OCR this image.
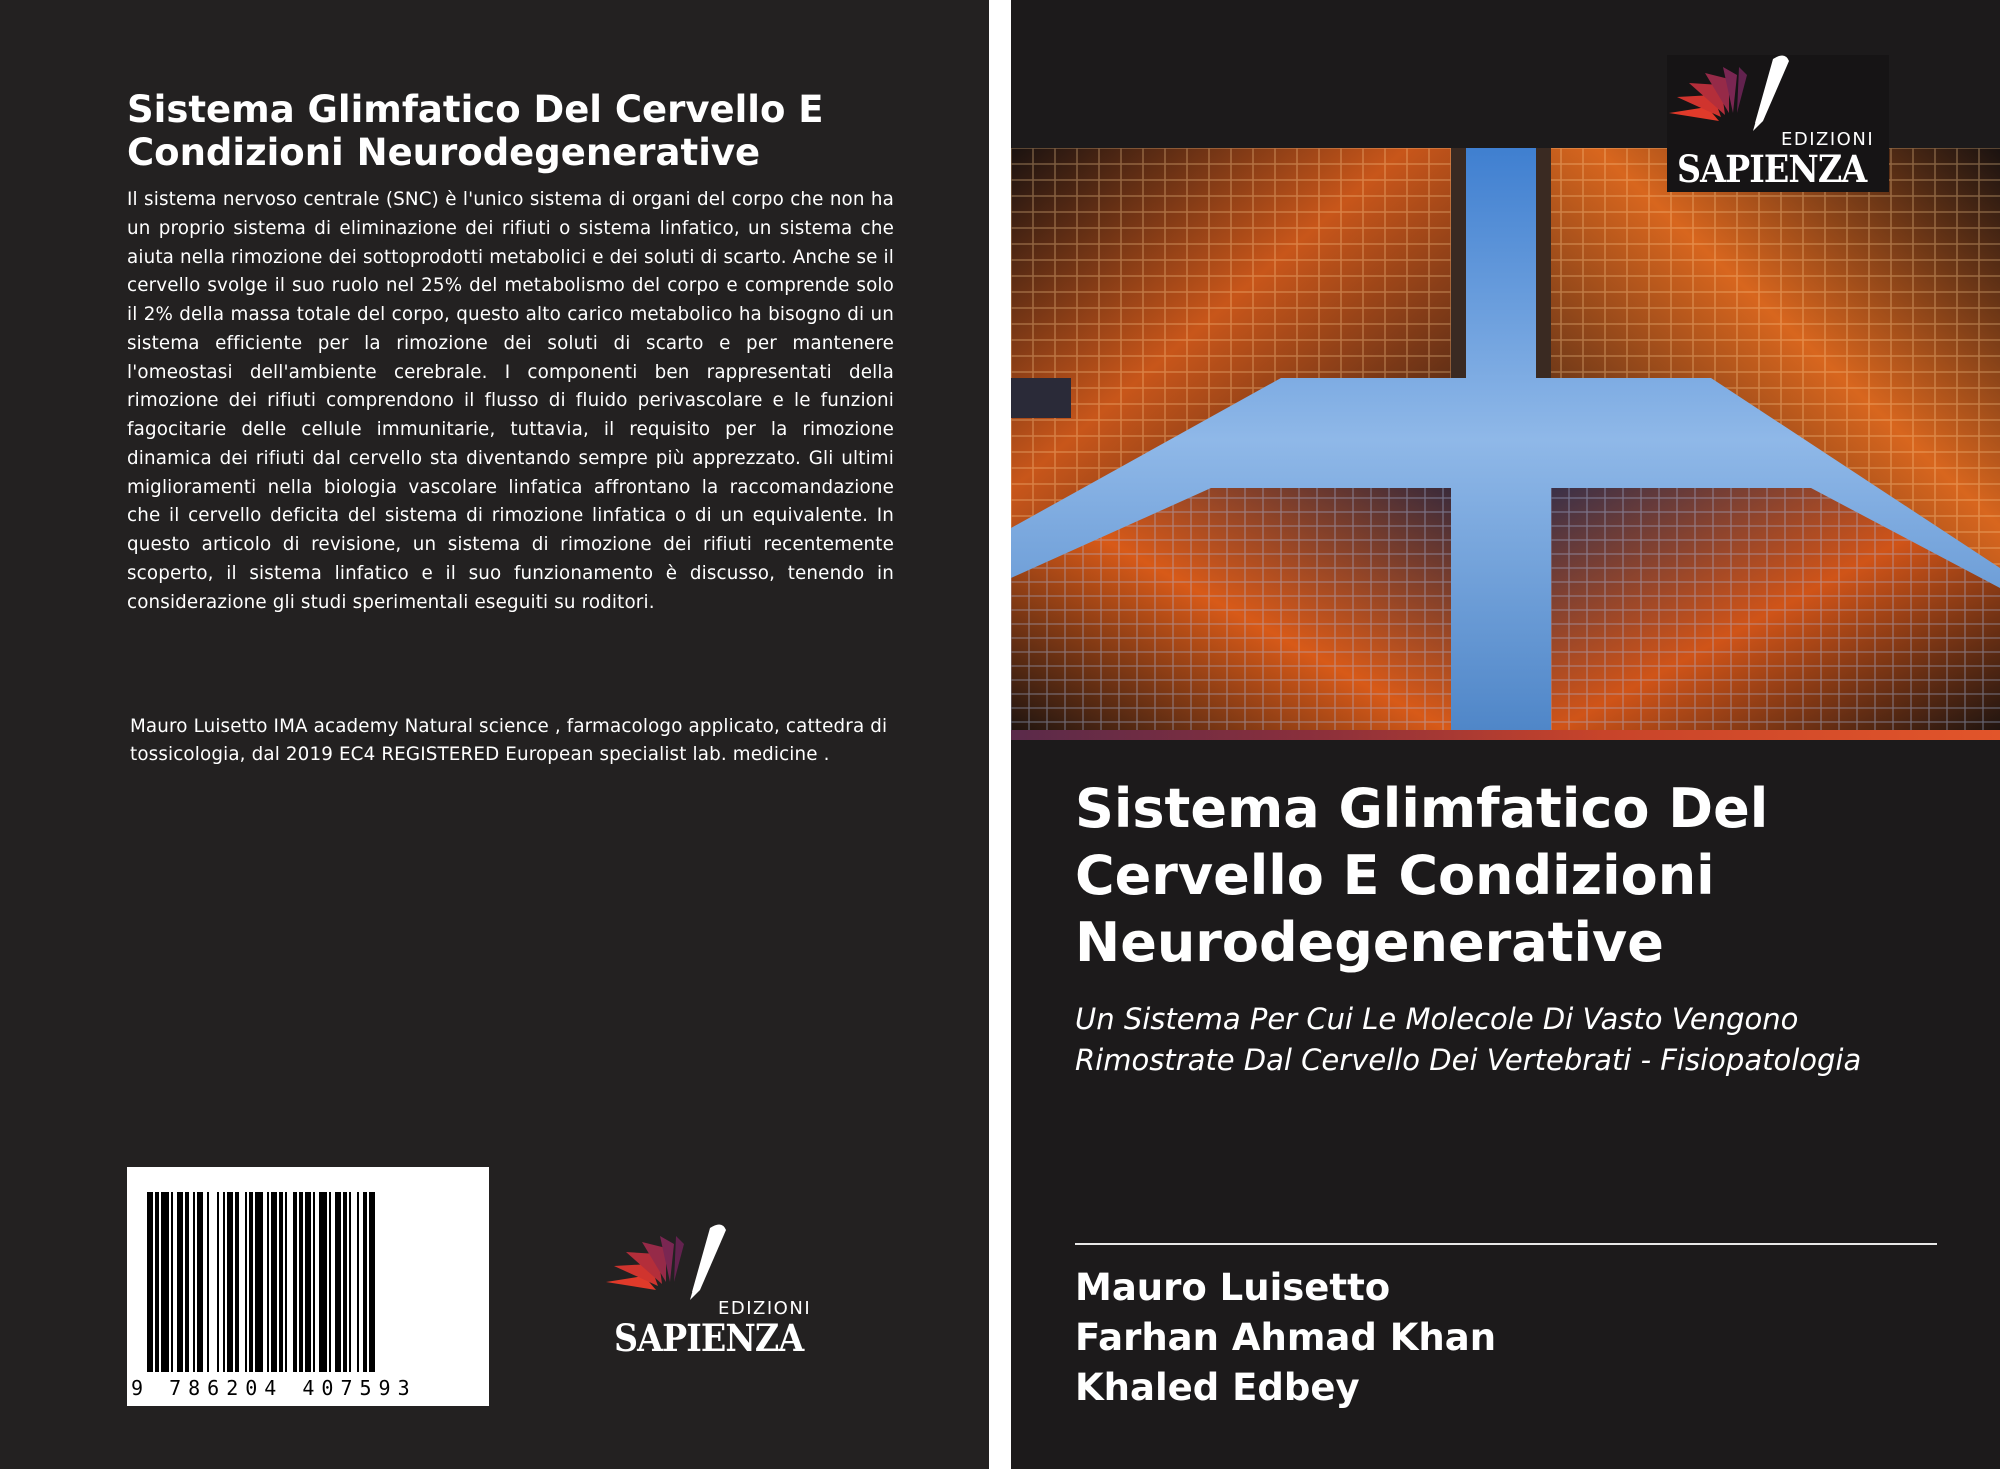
Sistema Glimfatico Del Cervello E Condizioni Neurodegenerative
Il sistema nervoso centrale (SNC) è l'unico sistema di organi del corpo che non ha un proprio sistema di eliminazione dei rifiuti o sistema linfatico, un sistema che aiuta nella rimozione dei sottoprodotti metabolici e dei soluti di scarto. Anche se il cervello svolge il suo ruolo nel 25% del metabolismo del corpo e comprende solo il 2% della massa totale del corpo, questo alto carico metabolico ha bisogno di un sistema efficiente per la rimozione dei soluti di scarto e per mantenere l'omeostasi dell'ambiente cerebrale. I componenti ben rappresentati della rimozione dei rifiuti comprendono il flusso di fluido perivascolare e le funzioni fagocitarie delle cellule immunitarie, tuttavia, il requisito per la rimozione dinamica dei rifiuti dal cervello sta diventando sempre più apprezzato. Gli ultimi miglioramenti nella biologia vascolare linfatica affrontano la raccomandazione che il cervello deficita del sistema di rimozione linfatica o di un equivalente. In questo articolo di revisione, un sistema di rimozione dei rifiuti recentemente scoperto, il sistema linfatico e il suo funzionamento è discusso, tenendo in considerazione gli studi sperimentali eseguiti su roditori.
Mauro Luisetto IMA academy Natural science , farmacologo applicato, cattedra di tossicologia, dal 2019 EC4 REGISTERED European specialist lab. medicine .
9 786204 407593
EDIZIONI
SAPIENZA
EDIZIONI
SAPIENZA
Sistema Glimfatico Del Cervello E Condizioni Neurodegenerative
Un Sistema Per Cui Le Molecole Di Vasto Vengono Rimostrate Dal Cervello Dei Vertebrati - Fisiopatologia
Mauro Luisetto
Farhan Ahmad Khan
Khaled Edbey
